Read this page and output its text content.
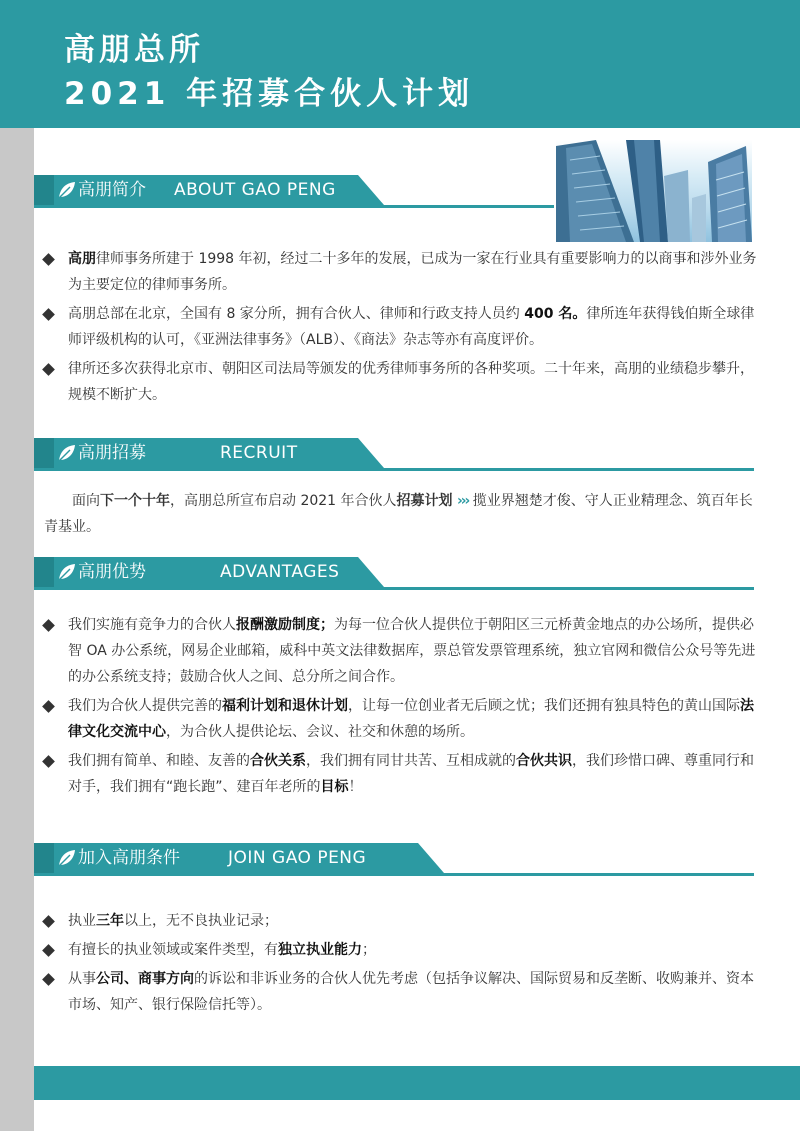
高朋总所
2021 年招募合伙人计划
高朋简介 ABOUT GAO PENG
高朋律师事务所建于 1998 年初，经过二十多年的发展，已成为一家在行业具有重要影响力的以商事和涉外业务为主要定位的律师事务所。
高朋总部在北京，全国有 8 家分所，拥有合伙人、律师和行政支持人员约 400 名。律所连年获得钱伯斯全球律师评级机构的认可，《亚洲法律事务》（ALB）、《商法》杂志等亦有高度评价。
律所还多次获得北京市、朝阳区司法局等颁发的优秀律师事务所的各种奖项。二十年来，高朋的业绩稳步攀升，规模不断扩大。
高朋招募	RECRUIT
面向下一个十年，高朋总所宣布启动 2021 年合伙人招募计划 ››› 揽业界翘楚才俊、守人正业精理念、筑百年长青基业。
高朋优势	ADVANTAGES
我们实施有竞争力的合伙人报酬激励制度；为每一位合伙人提供位于朝阳区三元桥黄金地点的办公场所，提供必智 OA 办公系统，网易企业邮箱，威科中英文法律数据库，票总管发票管理系统，独立官网和微信公众号等先进的办公系统支持；鼓励合伙人之间、总分所之间合作。
我们为合伙人提供完善的福利计划和退休计划，让每一位创业者无后顾之忧；我们还拥有独具特色的黄山国际法律文化交流中心，为合伙人提供论坛、会议、社交和休憩的场所。
我们拥有简单、和睦、友善的合伙关系，我们拥有同甘共苦、互相成就的合伙共识，我们珍惜口碑、尊重同行和对手，我们拥有“跑长跑”、建百年老所的目标！
加入高朋条件	JOIN GAO PENG
执业三年以上，无不良执业记录；
有擅长的执业领域或案件类型，有独立执业能力；
从事公司、商事方向的诉讼和非诉业务的合伙人优先考虑（包括争议解决、国际贸易和反垄断、收购兼并、资本市场、知产、银行保险信托等）。
